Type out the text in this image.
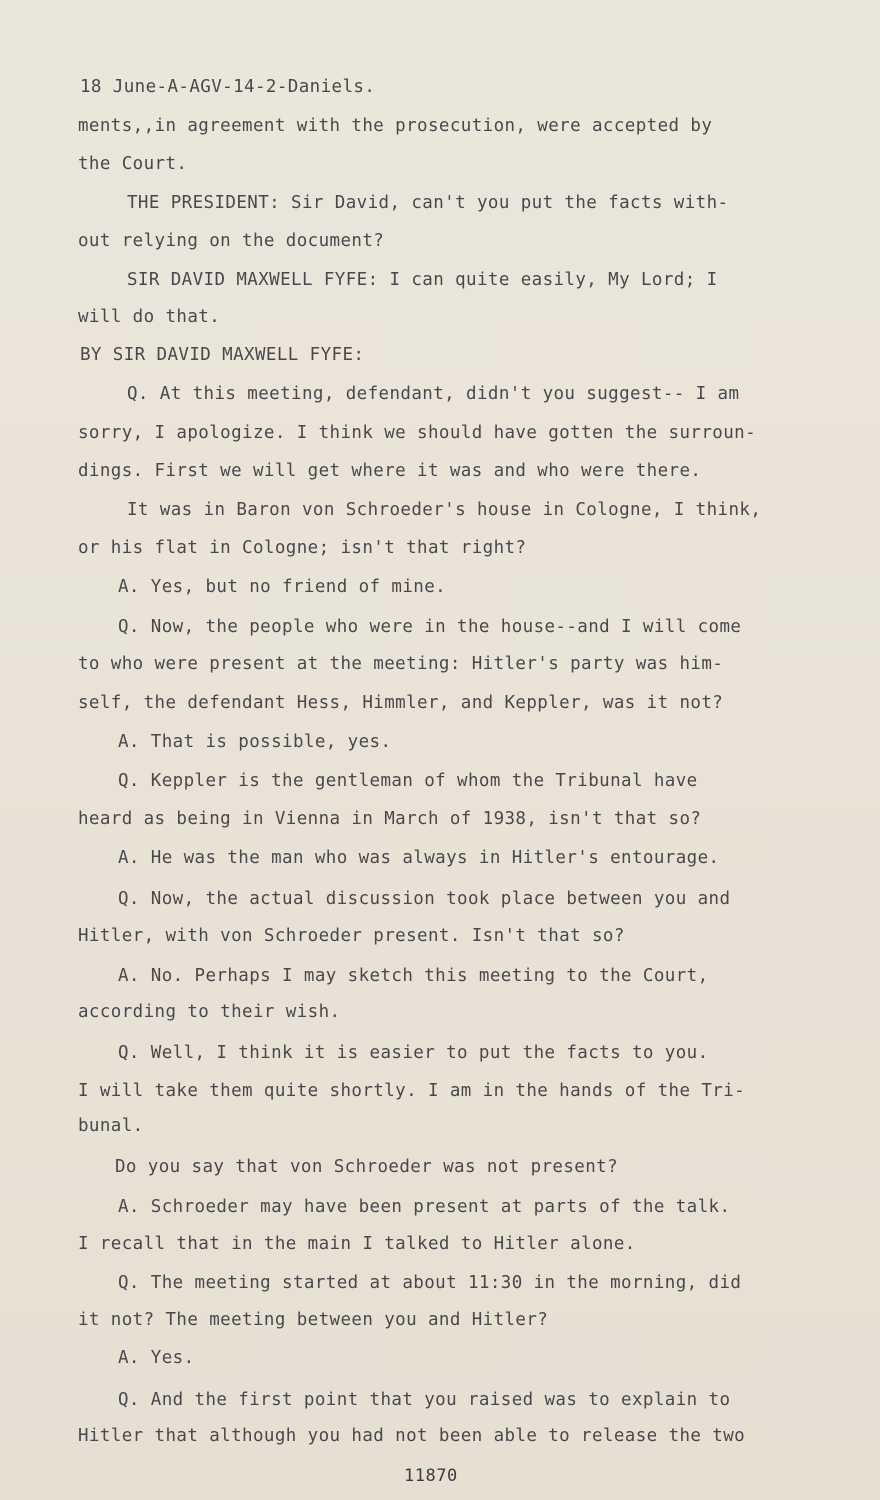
18 June-A-AGV-14-2-Daniels.
ments,,in agreement with the prosecution, were accepted by
the Court.
THE PRESIDENT: Sir David, can't you put the facts with-
out relying on the document?
SIR DAVID MAXWELL FYFE: I can quite easily, My Lord; I
will do that.
BY SIR DAVID MAXWELL FYFE:
Q. At this meeting, defendant, didn't you suggest-- I am
sorry, I apologize. I think we should have gotten the surroun-
dings. First we will get where it was and who were there.
It was in Baron von Schroeder's house in Cologne, I think,
or his flat in Cologne; isn't that right?
A. Yes, but no friend of mine.
Q. Now, the people who were in the house--and I will come
to who were present at the meeting: Hitler's party was him-
self, the defendant Hess, Himmler, and Keppler, was it not?
A. That is possible, yes.
Q. Keppler is the gentleman of whom the Tribunal have
heard as being in Vienna in March of 1938, isn't that so?
A. He was the man who was always in Hitler's entourage.
Q. Now, the actual discussion took place between you and
Hitler, with von Schroeder present. Isn't that so?
A. No. Perhaps I may sketch this meeting to the Court,
according to their wish.
Q. Well, I think it is easier to put the facts to you.
I will take them quite shortly. I am in the hands of the Tri-
bunal.
Do you say that von Schroeder was not present?
A. Schroeder may have been present at parts of the talk.
I recall that in the main I talked to Hitler alone.
Q. The meeting started at about 11:30 in the morning, did
it not? The meeting between you and Hitler?
A. Yes.
Q. And the first point that you raised was to explain to
Hitler that although you had not been able to release the two
11870
